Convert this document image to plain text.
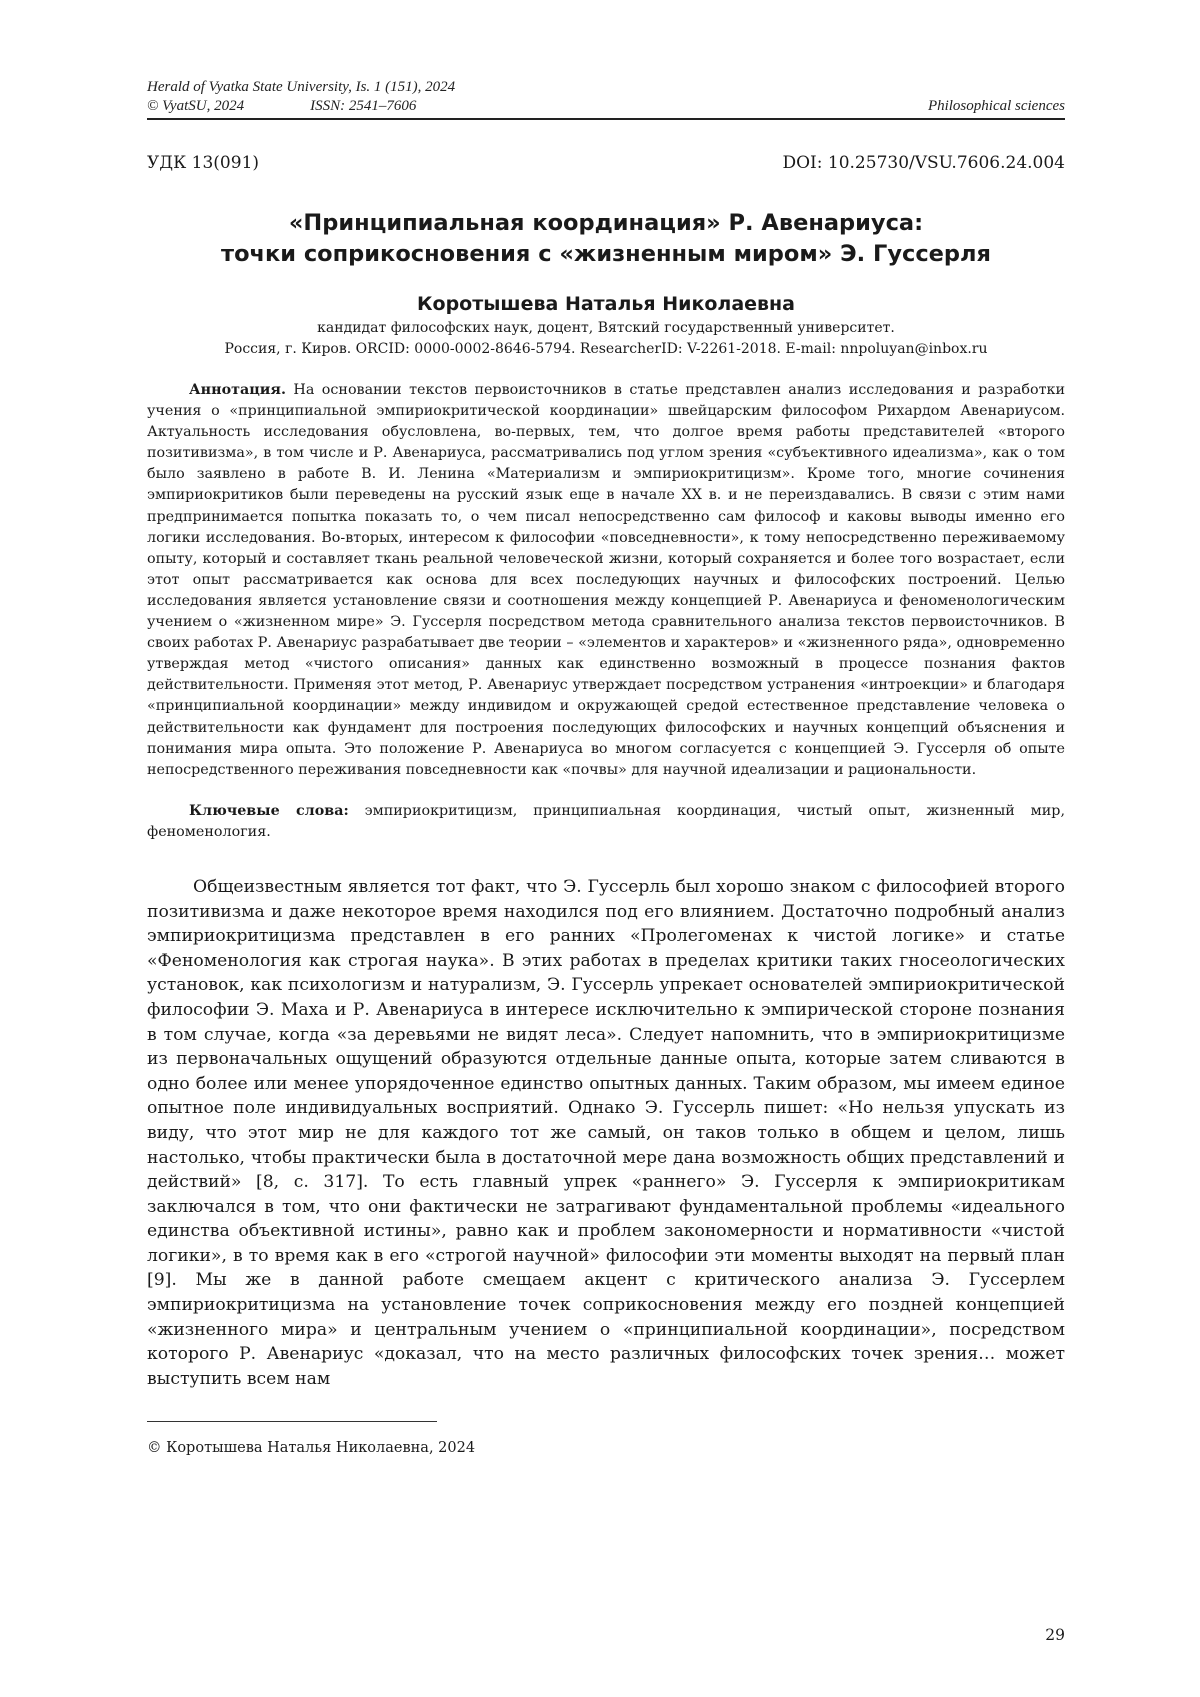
Herald of Vyatka State University, Is. 1 (151), 2024
© VyatSU, 2024	ISSN: 2541–7606	Philosophical sciences
УДК 13(091)	DOI: 10.25730/VSU.7606.24.004
«Принципиальная координация» Р. Авенариуса:
точки соприкосновения с «жизненным миром» Э. Гуссерля
Коротышева Наталья Николаевна
кандидат философских наук, доцент, Вятский государственный университет.
Россия, г. Киров. ORCID: 0000-0002-8646-5794. ResearcherID: V-2261-2018. E-mail: nnpoluyan@inbox.ru

Аннотация. На основании текстов первоисточников в статье представлен анализ исследования и разработки учения о «принципиальной эмпириокритической координации» швейцарским философом Рихардом Авенариусом. Актуальность исследования обусловлена, во-первых, тем, что долгое время работы представителей «второго позитивизма», в том числе и Р. Авенариуса, рассматривались под углом зрения «субъективного идеализма», как о том было заявлено в работе В. И. Ленина «Материализм и эмпириокритицизм». Кроме того, многие сочинения эмпириокритиков были переведены на русский язык еще в начале XX в. и не переиздавались. В связи с этим нами предпринимается попытка показать то, о чем писал непосредственно сам философ и каковы выводы именно его логики исследования. Во-вторых, интересом к философии «повседневности», к тому непосредственно переживаемому опыту, который и составляет ткань реальной человеческой жизни, который сохраняется и более того возрастает, если этот опыт рассматривается как основа для всех последующих научных и философских построений. Целью исследования является установление связи и соотношения между концепцией Р. Авенариуса и феноменологическим учением о «жизненном мире» Э. Гуссерля посредством метода сравнительного анализа текстов первоисточников. В своих работах Р. Авенариус разрабатывает две теории – «элементов и характеров» и «жизненного ряда», одновременно утверждая метод «чистого описания» данных как единственно возможный в процессе познания фактов действительности. Применяя этот метод, Р. Авенариус утверждает посредством устранения «интроекции» и благодаря «принципиальной координации» между индивидом и окружающей средой естественное представление человека о действительности как фундамент для построения последующих философских и научных концепций объяснения и понимания мира опыта. Это положение Р. Авенариуса во многом согласуется с концепцией Э. Гуссерля об опыте непосредственного переживания повседневности как «почвы» для научной идеализации и рациональности.

Ключевые слова: эмпириокритицизм, принципиальная координация, чистый опыт, жизненный мир, феноменология.

Общеизвестным является тот факт, что Э. Гуссерль был хорошо знаком с философией второго позитивизма и даже некоторое время находился под его влиянием. Достаточно подробный анализ эмпириокритицизма представлен в его ранних «Пролегоменах к чистой логике» и статье «Феноменология как строгая наука». В этих работах в пределах критики таких гносеологических установок, как психологизм и натурализм, Э. Гуссерль упрекает основателей эмпириокритической философии Э. Маха и Р. Авенариуса в интересе исключительно к эмпирической стороне познания в том случае, когда «за деревьями не видят леса». Следует напомнить, что в эмпириокритицизме из первоначальных ощущений образуются отдельные данные опыта, которые затем сливаются в одно более или менее упорядоченное единство опытных данных. Таким образом, мы имеем единое опытное поле индивидуальных восприятий. Однако Э. Гуссерль пишет: «Но нельзя упускать из виду, что этот мир не для каждого тот же самый, он таков только в общем и целом, лишь настолько, чтобы практически была в достаточной мере дана возможность общих представлений и действий» [8, с. 317]. То есть главный упрек «раннего» Э. Гуссерля к эмпириокритикам заключался в том, что они фактически не затрагивают фундаментальной проблемы «идеального единства объективной истины», равно как и проблем закономерности и нормативности «чистой логики», в то время как в его «строгой научной» философии эти моменты выходят на первый план [9]. Мы же в данной работе смещаем акцент с критического анализа Э. Гуссерлем эмпириокритицизма на установление точек соприкосновения между его поздней концепцией «жизненного мира» и центральным учением о «принципиальной координации», посредством которого Р. Авенариус «доказал, что на место различных философских точек зрения… может выступить всем нам

© Коротышева Наталья Николаевна, 2024
29
